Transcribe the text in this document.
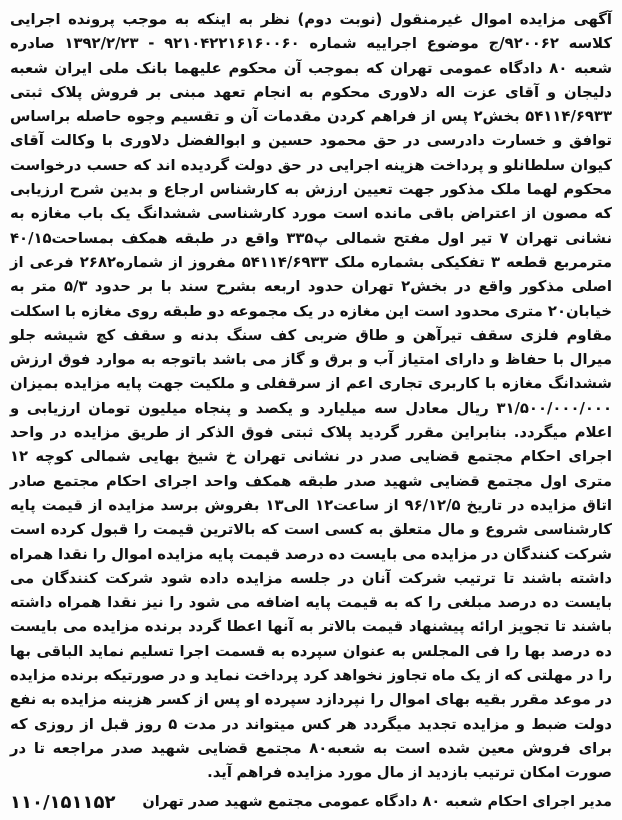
آگهی مزایده اموال غیرمنقول (نوبت دوم) نظر به اینکه به موجب پرونده اجرایی کلاسه ۹۲۰۰۶۲/ج موضوع اجراییه شماره ۹۲۱۰۴۲۲۱۶۱۶۰۰۶۰ - ۱۳۹۲/۲/۲۳ صادره شعبه ۸۰ دادگاه عمومی تهران که بموجب آن محکوم علیهما بانک ملی ایران شعبه دلیجان و آقای عزت اله دلاوری محکوم به انجام تعهد مبنی بر فروش پلاک ثبتی ۵۴۱۱۴/۶۹۳۳ بخش۲ پس از فراهم کردن مقدمات آن و تقسیم وجوه حاصله براساس توافق و خسارت دادرسی در حق محمود حسین و ابوالفضل دلاوری با وکالت آقای کیوان سلطانلو و پرداخت هزینه اجرایی در حق دولت گردیده اند که حسب درخواست محکوم لهما ملک مذکور جهت تعیین ارزش به کارشناس ارجاع و بدین شرح ارزیابی که مصون از اعتراض باقی مانده است مورد کارشناسی ششدانگ یک باب مغازه به نشانی تهران ۷ تیر اول مفتح شمالی پ۳۳۵ واقع در طبقه همکف بمساحت۴۰/۱۵ مترمربع قطعه ۳ تفکیکی بشماره ملک ۵۴۱۱۴/۶۹۳۳ مفروز از شماره۲۶۸۲ فرعی از اصلی مذکور واقع در بخش۲ تهران حدود اربعه بشرح سند با بر حدود ۵/۳ متر به خیابان۲۰ متری محدود است این مغازه در یک مجموعه دو طبقه روی مغازه با اسکلت مقاوم فلزی سقف تیرآهن و طاق ضربی کف سنگ بدنه و سقف کچ شیشه جلو میرال با حفاظ و دارای امتیاز آب و برق و گاز می باشد باتوجه به موارد فوق ارزش ششدانگ مغازه با کاربری تجاری اعم از سرقفلی و ملکیت جهت پایه مزایده بمیزان ۳۱/۵۰۰/۰۰۰/۰۰۰ ریال معادل سه میلیارد و یکصد و پنجاه میلیون تومان ارزیابی و اعلام میگردد. بنابراین مقرر گردید پلاک ثبتی فوق الذکر از طریق مزایده در واحد اجرای احکام مجتمع قضایی صدر در نشانی تهران خ شیخ بهایی شمالی کوچه ۱۲ متری اول مجتمع قضایی شهید صدر طبقه همکف واحد اجرای احکام مجتمع صادر اتاق مزایده در تاریخ ۹۶/۱۲/۵ از ساعت۱۲ الی۱۳ بفروش برسد مزایده از قیمت پایه کارشناسی شروع و مال متعلق به کسی است که بالاترین قیمت را قبول کرده است شرکت کنندگان در مزایده می بایست ده درصد قیمت پایه مزایده اموال را نقدا همراه داشته باشند تا ترتیب شرکت آنان در جلسه مزایده داده شود شرکت کنندگان می بایست ده درصد مبلغی را که به قیمت پایه اضافه می شود را نیز نقدا همراه داشته باشند تا تجویز ارائه پیشنهاد قیمت بالاتر به آنها اعطا گردد برنده مزایده می بایست ده درصد بها را فی المجلس به عنوان سپرده به قسمت اجرا تسلیم نماید الباقی بها را در مهلتی که از یک ماه تجاوز نخواهد کرد پرداخت نماید و در صورتیکه برنده مزایده در موعد مقرر بقیه بهای اموال را نپردازد سپرده او پس از کسر هزینه مزایده به نفع دولت ضبط و مزایده تجدید میگردد هر کس میتواند در مدت ۵ روز قبل از روزی که برای فروش معین شده است به شعبه۸۰ مجتمع قضایی شهید صدر مراجعه تا در صورت امکان ترتیب بازدید از مال مورد مزایده فراهم آید.

مدیر اجرای احکام شعبه ۸۰ دادگاه عمومی مجتمع شهید صدر تهران
۱۱۰/۱۵۱۱۵۲
